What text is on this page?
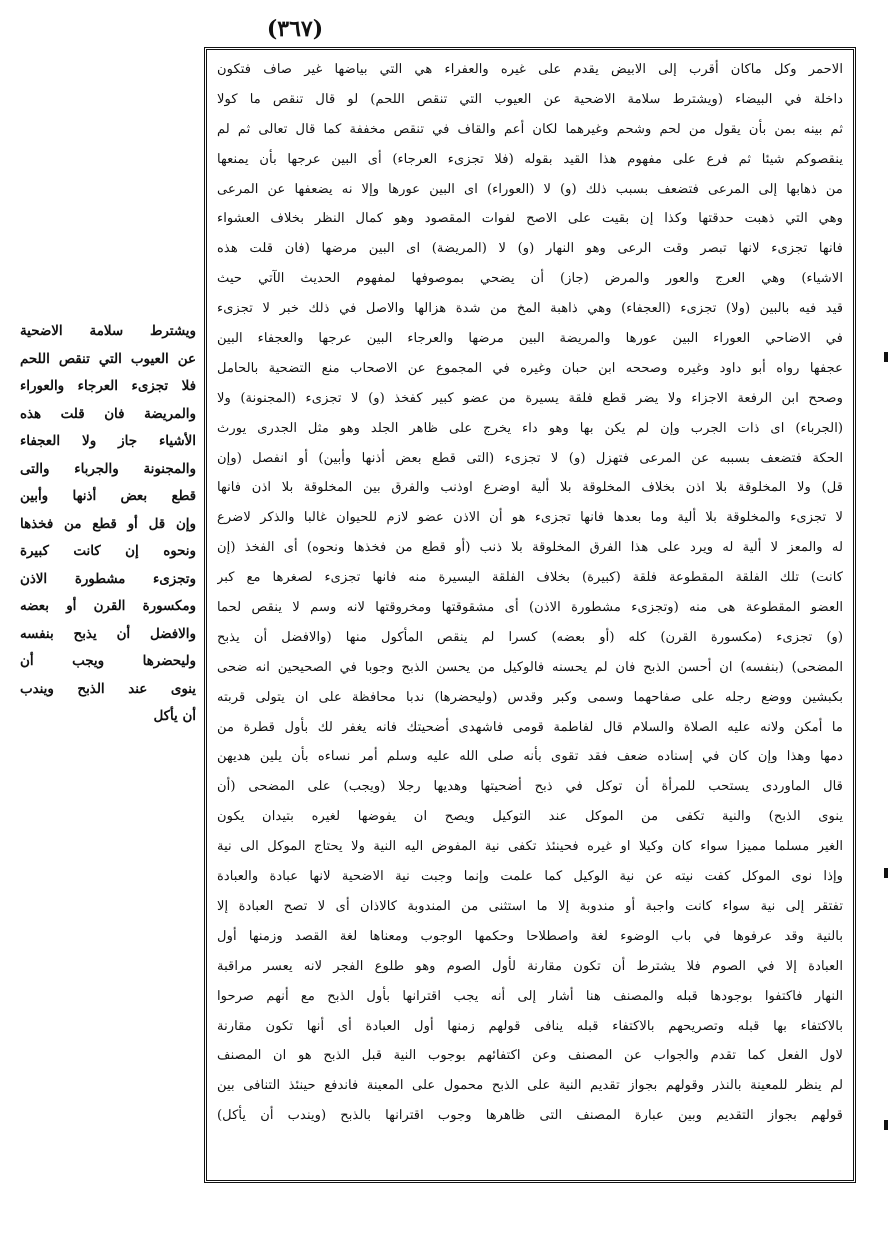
(٣٦٧)
الاحمر وكل ماكان أقرب إلى الابيض يقدم على غيره والعفراء هي التي بياضها غير صاف فتكون
داخلة في البيضاء (ويشترط سلامة الاضحية عن العيوب التي تنقص اللحم) لو قال تنقص ما كولا
ثم بينه بمن بأن يقول من لحم وشحم وغيرهما لكان أعم والقاف في تنقص مخففة كما قال تعالى ثم لم
ينقصوكم شيئا ثم فرع على مفهوم هذا القيد بقوله (فلا تجزىء العرجاء) أى البين عرجها بأن يمنعها
من ذهابها إلى المرعى فتضعف بسبب ذلك (و) لا (العوراء) اى البين عورها وإلا نه يضعفها عن المرعى
وهي التي ذهبت حدقتها وكذا إن بقيت على الاصح لفوات المقصود وهو كمال النظر بخلاف العشواء
فانها تجزىء لانها تبصر وقت الرعى وهو النهار (و) لا (المريضة) اى البين مرضها (فان قلت هذه
الاشياء) وهي العرج والعور والمرض (جاز) أن يضحي بموصوفها لمفهوم الحديث الآتي حيث
قيد فيه بالبين (ولا) تجزىء (العجفاء) وهي ذاهبة المخ من شدة هزالها والاصل في ذلك خبر لا تجزىء
في الاضاحي العوراء البين عورها والمريضة البين مرضها والعرجاء البين عرجها والعجفاء البين
عجفها رواه أبو داود وغيره وصححه ابن حبان وغيره في المجموع عن الاصحاب منع التضحية بالحامل
وصحح ابن الرفعة الاجزاء ولا يضر قطع فلقة يسيرة من عضو كبير كفخذ (و) لا تجزىء (المجنونة) ولا
(الجرباء) اى ذات الجرب وإن لم يكن بها وهو داء يخرج على ظاهر الجلد وهو مثل الجدرى يورث
الحكة فتضعف بسببه عن المرعى فتهزل (و) لا تجزىء (التى قطع بعض أذنها وأبين) أو انفصل (وإن
قل) ولا المخلوقة بلا اذن بخلاف المخلوقة بلا ألية اوضرع اوذنب والفرق بين المخلوقة بلا اذن فانها
لا تجزىء والمخلوقة بلا ألية وما بعدها فانها تجزىء هو أن الاذن عضو لازم للحيوان غالبا والذكر لاضرع
له والمعز لا ألية له ويرد على هذا الفرق المخلوقة بلا ذنب (أو قطع من فخذها ونحوه) أى الفخذ (إن
كانت) تلك الفلقة المقطوعة فلقة (كبيرة) بخلاف الفلقة اليسيرة منه فانها تجزىء لصغرها مع كبر
العضو المقطوعة هى منه (وتجزىء مشطورة الاذن) أى مشقوقتها ومخروقتها لانه وسم لا ينقص لحما
(و) تجزىء (مكسورة القرن) كله (أو بعضه) كسرا لم ينقص المأكول منها (والافضل أن يذبح
المضحى) (بنفسه) ان أحسن الذبح فان لم يحسنه فالوكيل من يحسن الذبح وجوبا في الصحيحين انه ضحى
بكبشين ووضع رجله على صفاحهما وسمى وكبر وقدس (وليحضرها) ندبا محافظة على ان يتولى قربته
ما أمكن ولانه عليه الصلاة والسلام قال لفاطمة قومى فاشهدى أضحيتك فانه يغفر لك بأول قطرة من
دمها وهذا وإن كان في إسناده ضعف فقد تقوى بأنه صلى الله عليه وسلم أمر نساءه بأن يلين هديهن
قال الماوردى يستحب للمرأة أن توكل في ذبح أضحيتها وهديها رجلا (ويجب) على المضحى (أن
ينوى الذبح) والنية تكفى من الموكل عند التوكيل ويصح ان يفوضها لغيره بتيدان يكون
الغير مسلما مميزا سواء كان وكيلا او غيره فحينئذ تكفى نية المفوض اليه النية ولا يحتاج الموكل الى نية
وإذا نوى الموكل كفت نيته عن نية الوكيل كما علمت وإنما وجبت نية الاضحية لانها عبادة والعبادة
تفتقر إلى نية سواء كانت واجبة أو مندوبة إلا ما استثنى من المندوبة كالاذان أى لا تصح العبادة إلا
بالنية وقد عرفوها في باب الوضوء لغة واصطلاحا وحكمها الوجوب ومعناها لغة القصد وزمنها أول
العبادة إلا في الصوم فلا يشترط أن تكون مقارنة لأول الصوم وهو طلوع الفجر لانه يعسر مراقبة
النهار فاكتفوا بوجودها قبله والمصنف هنا أشار إلى أنه يجب اقترانها بأول الذبح مع أنهم صرحوا
بالاكتفاء بها قبله وتصريحهم بالاكتفاء قبله ينافى قولهم زمنها أول العبادة أى أنها تكون مقارنة
لاول الفعل كما تقدم والجواب عن المصنف وعن اكتفائهم بوجوب النية قبل الذبح هو ان المصنف
لم ينظر للمعينة بالنذر وقولهم بجواز تقديم النية على الذبح محمول على المعينة فاندفع حينئذ التنافى بين
قولهم بجواز التقديم وبين عبارة المصنف التى ظاهرها وجوب اقترانها بالذبح (ويندب أن يأكل)
ويشترط سلامة الاضحية
عن العيوب التي تنقص اللحم
فلا تجزىء العرجاء والعوراء
والمريضة فان قلت هذه
الأشياء جاز ولا العجفاء
والمجنونة والجرباء والتى
قطع بعض أذنها وأبين
وإن قل أو قطع من فخذها
ونحوه إن كانت كبيرة
وتجزىء مشطورة الاذن
ومكسورة القرن أو بعضه
والافضل أن يذبح بنفسه
وليحضرها ويجب أن
ينوى عند الذبح ويندب
أن يأكل
